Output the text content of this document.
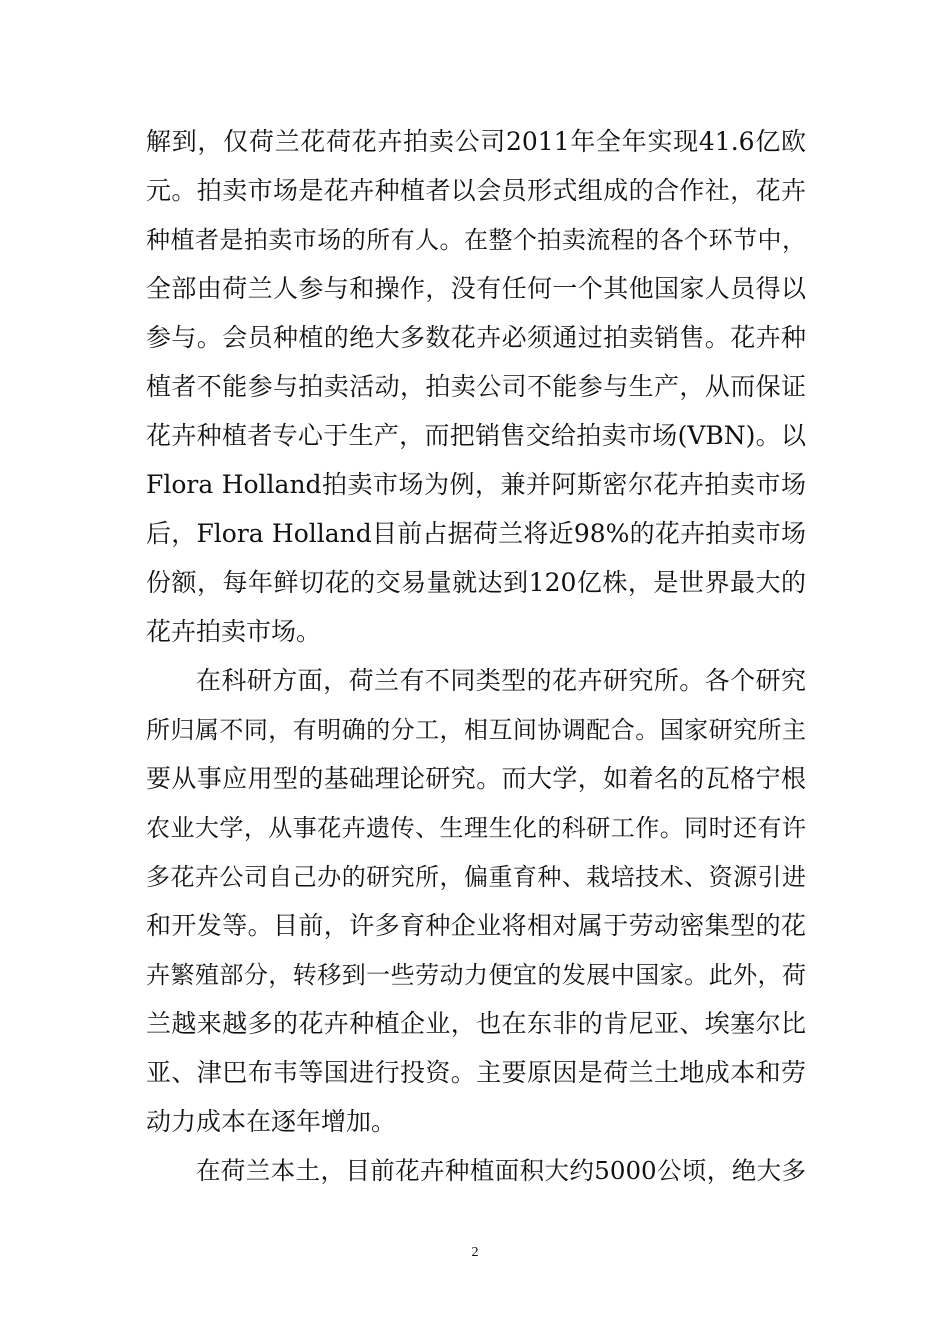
解到，仅荷兰花荷花卉拍卖公司2011年全年实现41.6亿欧
元。拍卖市场是花卉种植者以会员形式组成的合作社，花卉
种植者是拍卖市场的所有人。在整个拍卖流程的各个环节中，
全部由荷兰人参与和操作，没有任何一个其他国家人员得以
参与。会员种植的绝大多数花卉必须通过拍卖销售。花卉种
植者不能参与拍卖活动，拍卖公司不能参与生产，从而保证
花卉种植者专心于生产，而把销售交给拍卖市场(VBN)。以
Flora Holland拍卖市场为例，兼并阿斯密尔花卉拍卖市场
后，Flora Holland目前占据荷兰将近98%的花卉拍卖市场
份额，每年鲜切花的交易量就达到120亿株，是世界最大的
花卉拍卖市场。
在科研方面，荷兰有不同类型的花卉研究所。各个研究
所归属不同，有明确的分工，相互间协调配合。国家研究所主
要从事应用型的基础理论研究。而大学，如着名的瓦格宁根
农业大学，从事花卉遗传、生理生化的科研工作。同时还有许
多花卉公司自己办的研究所，偏重育种、栽培技术、资源引进
和开发等。目前，许多育种企业将相对属于劳动密集型的花
卉繁殖部分，转移到一些劳动力便宜的发展中国家。此外，荷
兰越来越多的花卉种植企业，也在东非的肯尼亚、埃塞尔比
亚、津巴布韦等国进行投资。主要原因是荷兰土地成本和劳
动力成本在逐年增加。
在荷兰本土，目前花卉种植面积大约5000公顷，绝大多
2
